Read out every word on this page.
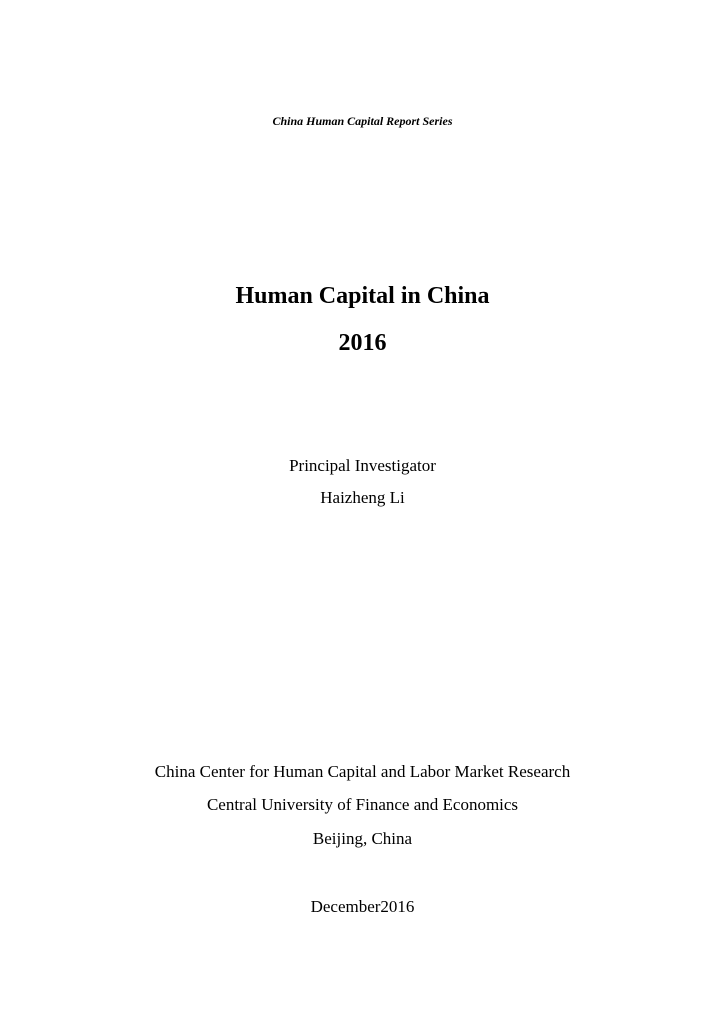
China Human Capital Report Series
Human Capital in China
2016
Principal Investigator
Haizheng Li
China Center for Human Capital and Labor Market Research
Central University of Finance and Economics
Beijing, China
December2016
